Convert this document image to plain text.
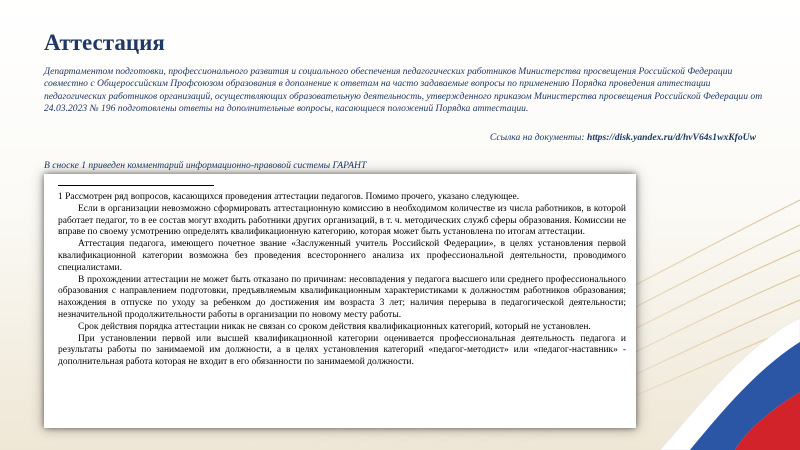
Аттестация

Департаментом подготовки, профессионального развития и социального обеспечения педагогических работников Министерства просвещения Российской Федерации совместно с Общероссийским Профсоюзом образования в дополнение к ответам на часто задаваемые вопросы по применению Порядка проведения аттестации педагогических работников организаций, осуществляющих образовательную деятельность, утвержденного приказом Министерства просвещения Российской Федерации от 24.03.2023 № 196 подготовлены ответы на дополнительные вопросы, касающиеся положений Порядка аттестации.

Ссылка на документы: https://disk.yandex.ru/d/hvV64s1wxKfoUw
В сноске 1 приведен комментарий информационно-правовой системы ГАРАНТ

1 Рассмотрен ряд вопросов, касающихся проведения аттестации педагогов. Помимо прочего, указано следующее.

Если в организации невозможно сформировать аттестационную комиссию в необходимом количестве из числа работников, в которой работает педагог, то в ее состав могут входить работники других организаций, в т. ч. методических служб сферы образования. Комиссии не вправе по своему усмотрению определять квалификационную категорию, которая может быть установлена по итогам аттестации.

Аттестация педагога, имеющего почетное звание «Заслуженный учитель Российской Федерации», в целях установления первой квалификационной категории возможна без проведения всестороннего анализа их профессиональной деятельности, проводимого специалистами.

В прохождении аттестации не может быть отказано по причинам: несовпадения у педагога высшего или среднего профессионального образования с направлением подготовки, предъявляемым квалификационным характеристиками к должностям работников образования; нахождения в отпуске по уходу за ребенком до достижения им возраста 3 лет; наличия перерыва в педагогической деятельности; незначительной продолжительности работы в организации по новому месту работы.

Срок действия порядка аттестации никак не связан со сроком действия квалификационных категорий, который не установлен.

При установлении первой или высшей квалификационной категории оценивается профессиональная деятельность педагога и результаты работы по занимаемой им должности, а в целях установления категорий «педагог-методист» или «педагог-наставник» - дополнительная работа которая не входит в его обязанности по занимаемой должности.
